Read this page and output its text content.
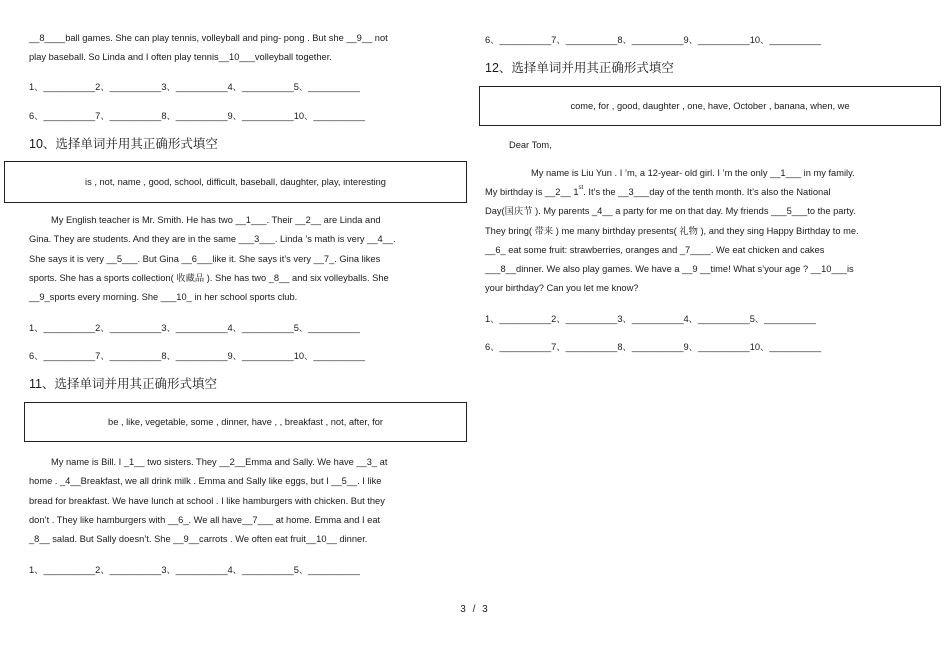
__8____ball games. She can play tennis, volleyball and ping- pong . But she __9__ not
play baseball. So Linda and I often play tennis__10___volleyball together.

1、__________2、__________3、__________4、__________5、__________
6、__________7、__________8、__________9、__________10、__________
10、选择单词并用其正确形式填空
is , not, name , good, school, difficult, baseball, daughter, play, interesting

My English teacher is Mr. Smith. He has two __1___. Their __2__ are Linda and
Gina. They are students. And they are in the same ___3___. Linda ’s math is very __4__.
She says it is very __5___. But Gina __6___like it. She says it’s very __7_. Gina likes
sports. She has a sports collection( 收藏品 ). She has two _8__ and six volleyballs. She
__9_sports every morning. She ___10_ in her school sports club.

1、__________2、__________3、__________4、__________5、__________
6、__________7、__________8、__________9、__________10、__________
11、选择单词并用其正确形式填空
be , like, vegetable, some , dinner, have , , breakfast , not, after, for

My name is Bill. I _1__ two sisters. They __2__Emma and Sally. We have __3_ at
home . _4__Breakfast, we all drink milk . Emma and Sally like eggs, but I __5__. I like
bread for breakfast. We have lunch at school . I like hamburgers with chicken. But they
don’t . They like hamburgers with __6_. We all have__7___ at home. Emma and I eat
_8__ salad. But Sally doesn’t. She __9__carrots . We often eat fruit__10__ dinner.

1、__________2、__________3、__________4、__________5、__________
6、__________7、__________8、__________9、__________10、__________
12、选择单词并用其正确形式填空
come, for , good, daughter , one, have, October , banana, when, we
Dear Tom,

My name is Liu Yun . I ’m, a 12-year- old girl. I ’m the only __1___ in my family.

My birthday is __2__ 1st. It’s the __3___day of the tenth month. It’s also the National
Day(国庆节 ). My parents _4__ a party for me on that day. My friends ___5___to the party.
They bring( 带来 ) me many birthday presents( 礼物 ), and they sing Happy Birthday to me.
__6_ eat some fruit: strawberries, oranges and _7____. We eat chicken and cakes
___8__dinner. We also play games. We have a __9 __time! What s’your age ? __10___is
your birthday? Can you let me know?

1、__________2、__________3、__________4、__________5、__________
6、__________7、__________8、__________9、__________10、__________
3 / 3
